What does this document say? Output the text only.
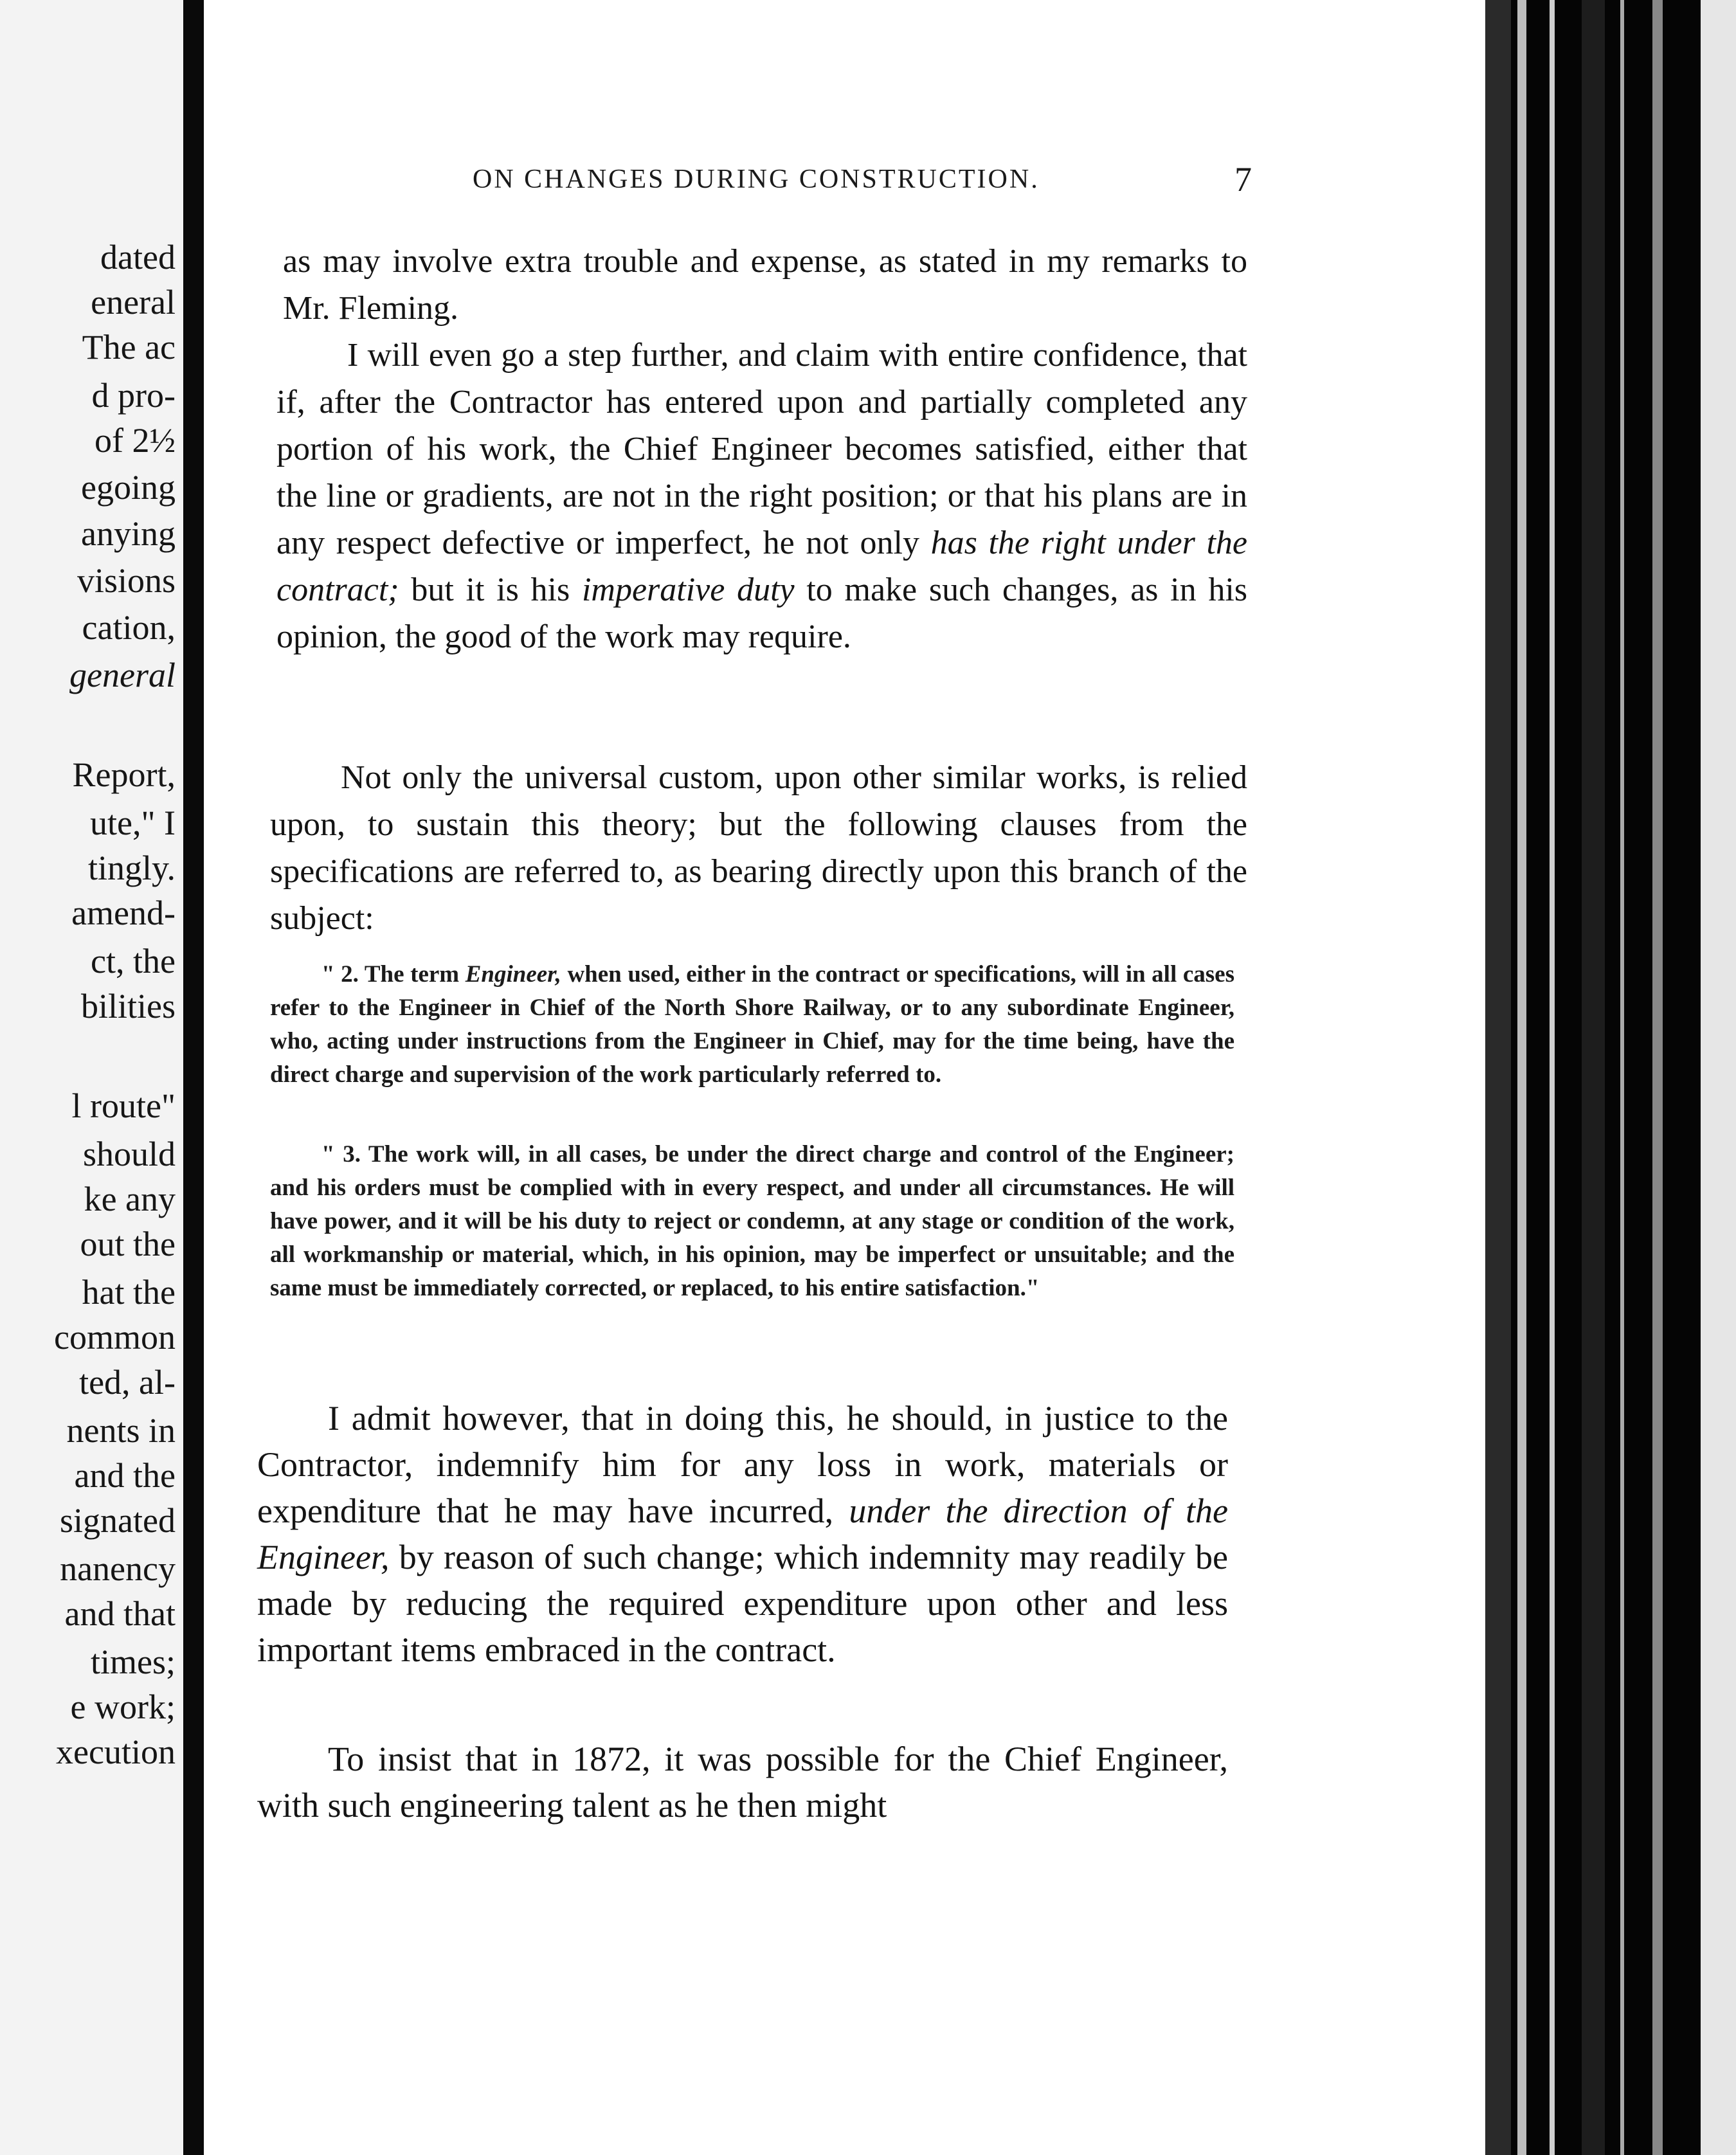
dated
eneral
The ac
d pro-
of 2½
egoing
anying
visions
cation,
general
Report,
ute," I
tingly.
amend-
ct, the
bilities
l route"
should
ke any
out the
hat the
common
ted, al-
nents in
and the
signated
nanency
and that
times;
e work;
xecution
ON CHANGES DURING CONSTRUCTION.	7
as may involve extra trouble and expense, as stated in my remarks to Mr. Fleming.
I will even go a step further, and claim with entire confidence, that if, after the Contractor has entered upon and partially completed any portion of his work, the Chief Engineer becomes satisfied, either that the line or gradients, are not in the right position; or that his plans are in any respect defective or imperfect, he not only has the right under the contract; but it is his imperative duty to make such changes, as in his opinion, the good of the work may require.
Not only the universal custom, upon other similar works, is relied upon, to sustain this theory; but the following clauses from the specifications are referred to, as bearing directly upon this branch of the subject:
" 2. The term Engineer, when used, either in the contract or specifications, will in all cases refer to the Engineer in Chief of the North Shore Railway, or to any subordinate Engineer, who, acting under instructions from the Engineer in Chief, may for the time being, have the direct charge and supervision of the work particularly referred to.
" 3. The work will, in all cases, be under the direct charge and control of the Engineer; and his orders must be complied with in every respect, and under all circumstances. He will have power, and it will be his duty to reject or condemn, at any stage or condition of the work, all workmanship or material, which, in his opinion, may be imperfect or unsuitable; and the same must be immediately corrected, or replaced, to his entire satisfaction."
I admit however, that in doing this, he should, in justice to the Contractor, indemnify him for any loss in work, materials or expenditure that he may have incurred, under the direction of the Engineer, by reason of such change; which indemnity may readily be made by reducing the required expenditure upon other and less important items embraced in the contract.
To insist that in 1872, it was possible for the Chief Engineer, with such engineering talent as he then might
